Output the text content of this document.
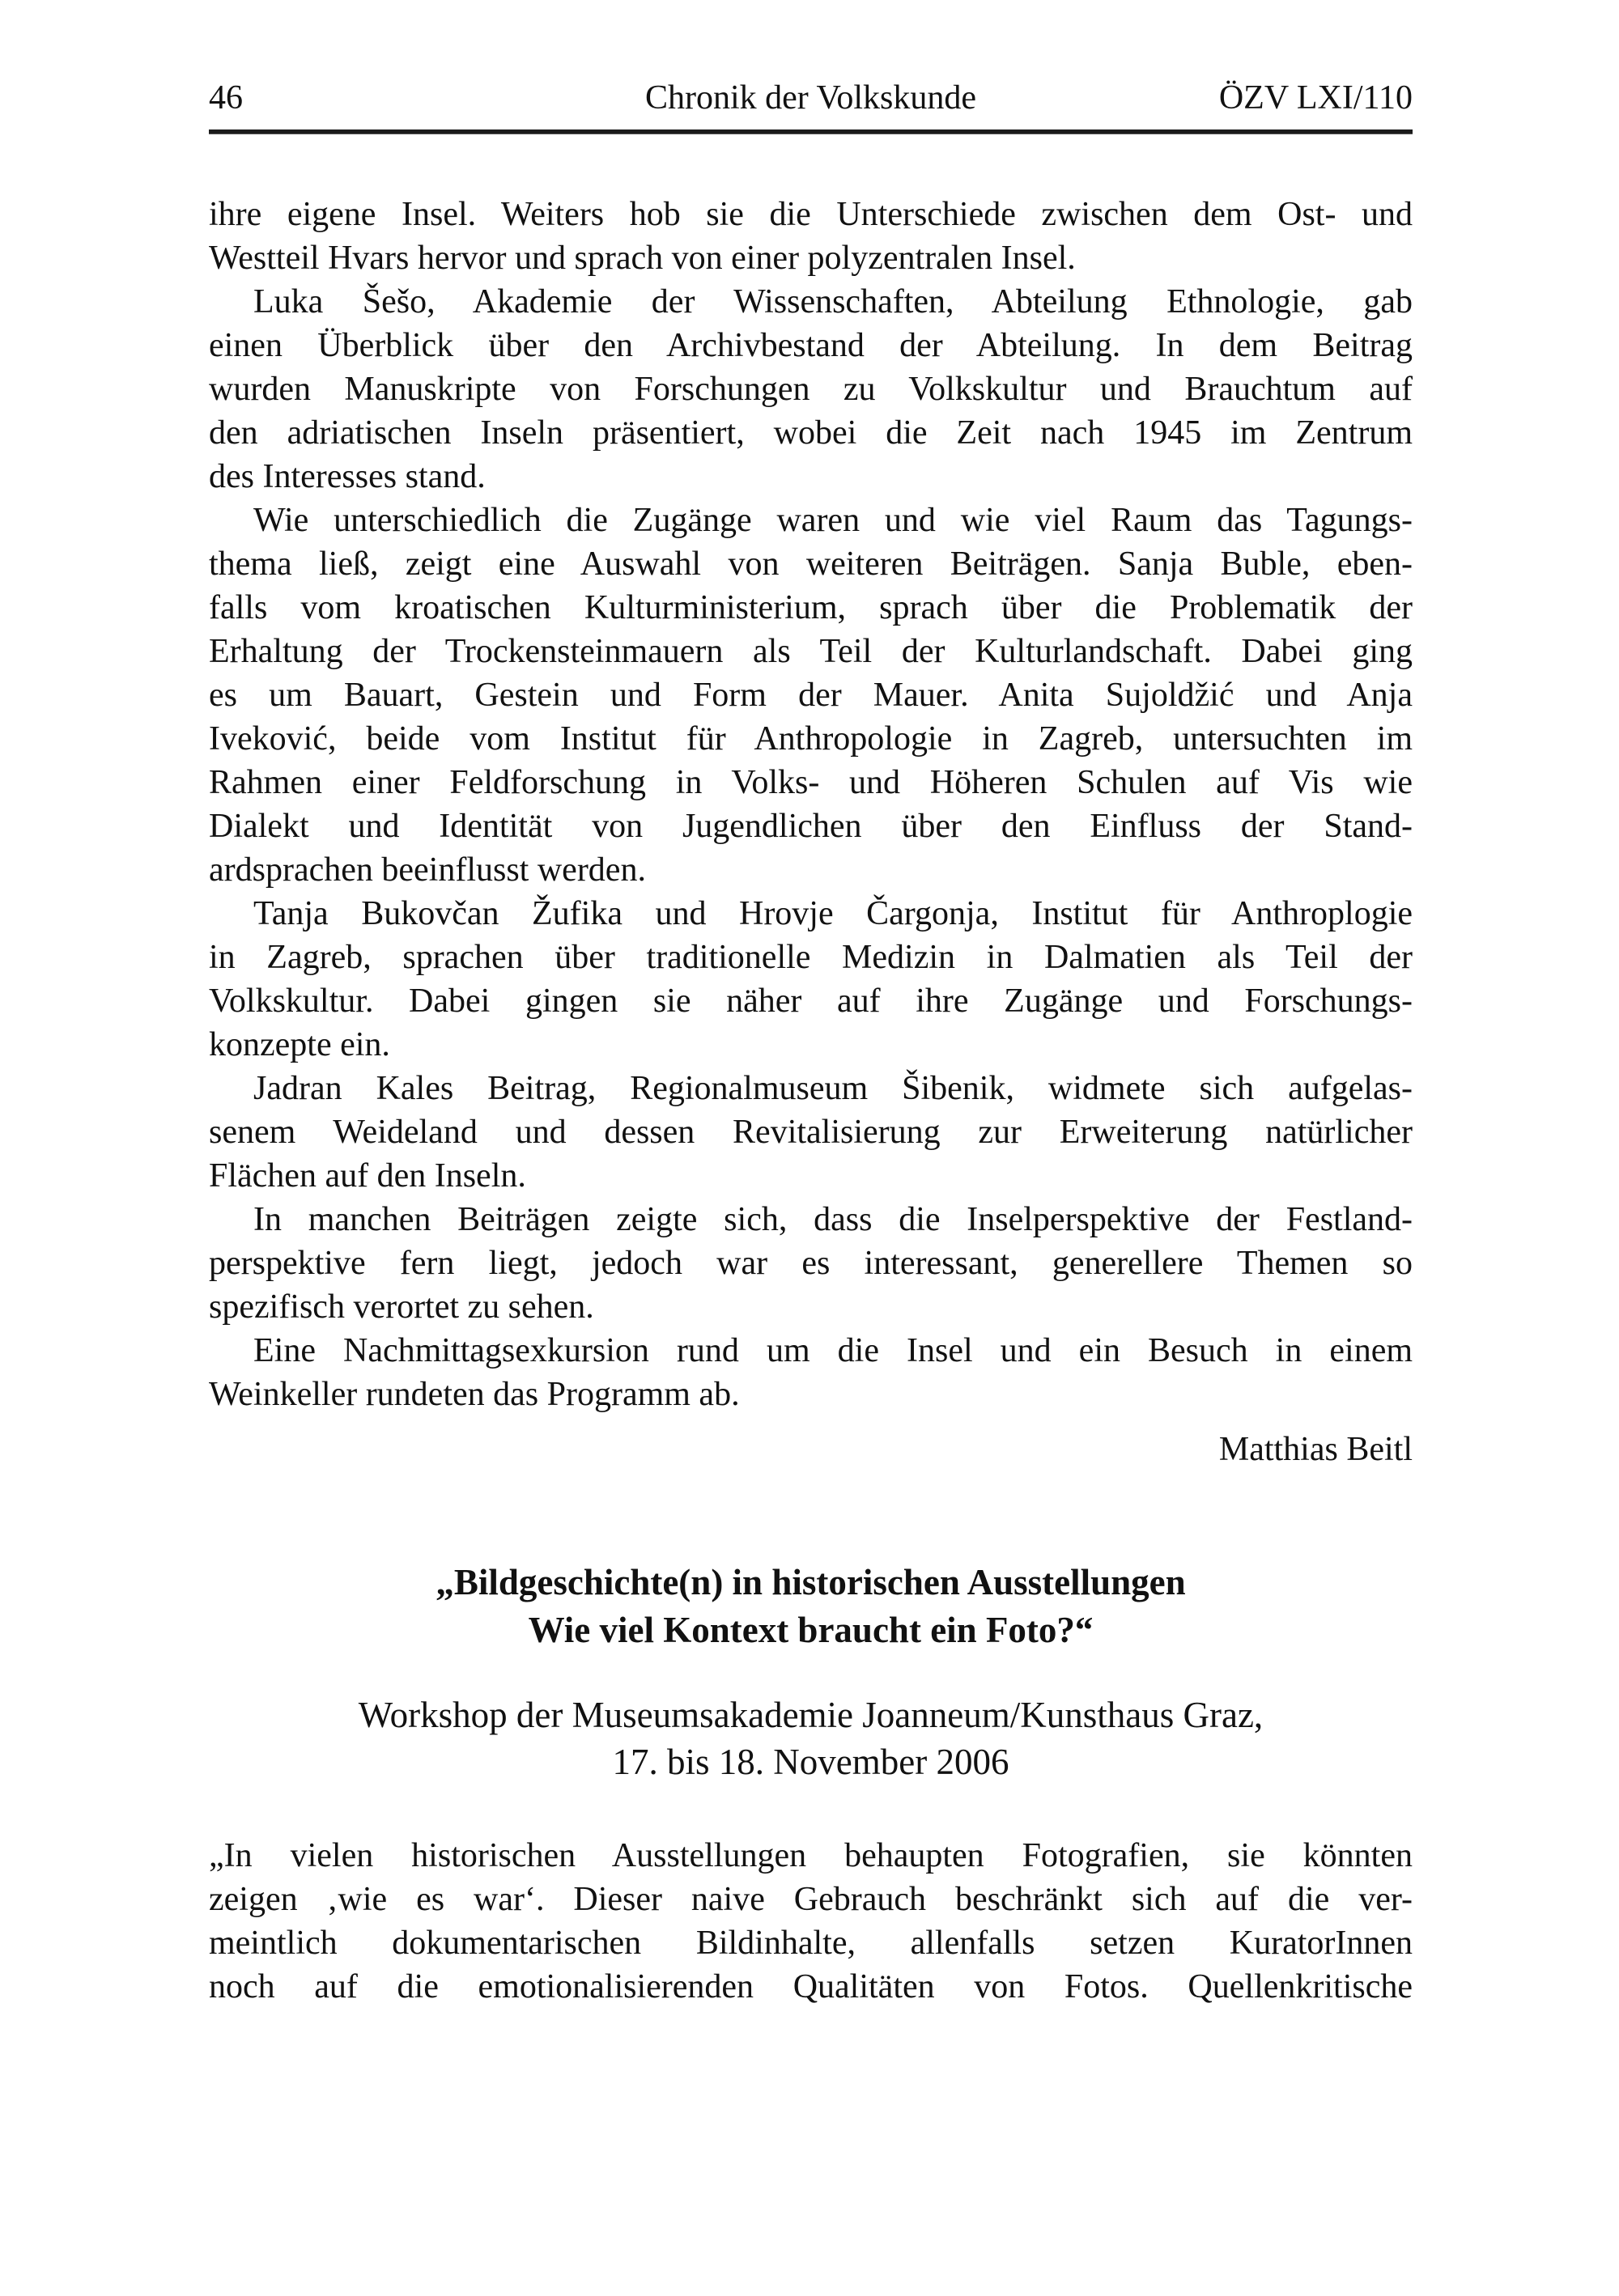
46	Chronik der Volkskunde	ÖZV LXI/110
ihre eigene Insel. Weiters hob sie die Unterschiede zwischen dem Ost- und
Westteil Hvars hervor und sprach von einer polyzentralen Insel.
Luka Šešo, Akademie der Wissenschaften, Abteilung Ethnologie, gab
einen Überblick über den Archivbestand der Abteilung. In dem Beitrag
wurden Manuskripte von Forschungen zu Volkskultur und Brauchtum auf
den adriatischen Inseln präsentiert, wobei die Zeit nach 1945 im Zentrum
des Interesses stand.
Wie unterschiedlich die Zugänge waren und wie viel Raum das Tagungs-
thema ließ, zeigt eine Auswahl von weiteren Beiträgen. Sanja Buble, eben-
falls vom kroatischen Kulturministerium, sprach über die Problematik der
Erhaltung der Trockensteinmauern als Teil der Kulturlandschaft. Dabei ging
es um Bauart, Gestein und Form der Mauer. Anita Sujoldžić und Anja
Iveković, beide vom Institut für Anthropologie in Zagreb, untersuchten im
Rahmen einer Feldforschung in Volks- und Höheren Schulen auf Vis wie
Dialekt und Identität von Jugendlichen über den Einfluss der Stand-
ardsprachen beeinflusst werden.
Tanja Bukovčan Žufika und Hrovje Čargonja, Institut für Anthroplogie
in Zagreb, sprachen über traditionelle Medizin in Dalmatien als Teil der
Volkskultur. Dabei gingen sie näher auf ihre Zugänge und Forschungs-
konzepte ein.
Jadran Kales Beitrag, Regionalmuseum Šibenik, widmete sich aufgelas-
senem Weideland und dessen Revitalisierung zur Erweiterung natürlicher
Flächen auf den Inseln.
In manchen Beiträgen zeigte sich, dass die Inselperspektive der Festland-
perspektive fern liegt, jedoch war es interessant, generellere Themen so
spezifisch verortet zu sehen.
Eine Nachmittagsexkursion rund um die Insel und ein Besuch in einem
Weinkeller rundeten das Programm ab.
Matthias Beitl
„Bildgeschichte(n) in historischen Ausstellungen
Wie viel Kontext braucht ein Foto?“
Workshop der Museumsakademie Joanneum/Kunsthaus Graz,
17. bis 18. November 2006
„In vielen historischen Ausstellungen behaupten Fotografien, sie könnten
zeigen ‚wie es war‘. Dieser naive Gebrauch beschränkt sich auf die ver-
meintlich dokumentarischen Bildinhalte, allenfalls setzen KuratorInnen
noch auf die emotionalisierenden Qualitäten von Fotos. Quellenkritische
